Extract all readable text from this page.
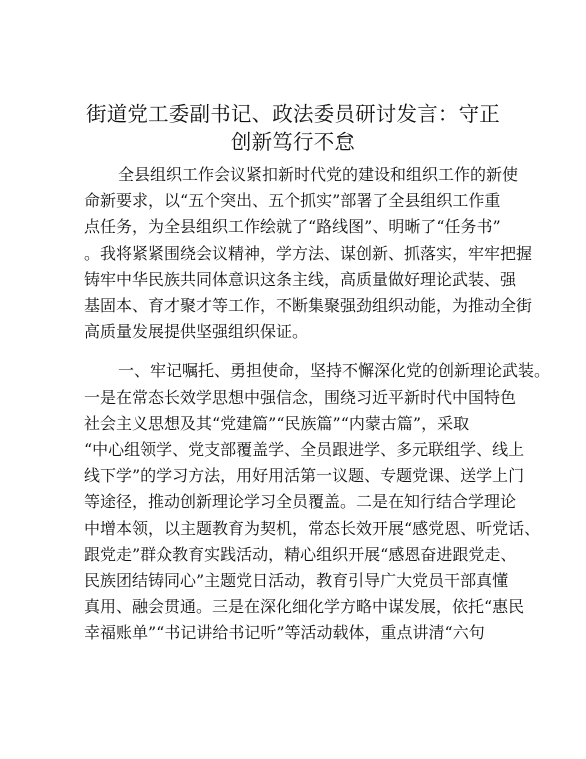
街道党工委副书记、政法委员研讨发言：守正
创新笃行不怠

全县组织工作会议紧扣新时代党的建设和组织工作的新使
命新要求，以“五个突出、五个抓实”部署了全县组织工作重
点任务，为全县组织工作绘就了“路线图”、明晰了“任务书”
。我将紧紧围绕会议精神，学方法、谋创新、抓落实，牢牢把握
铸牢中华民族共同体意识这条主线，高质量做好理论武装、强
基固本、育才聚才等工作，不断集聚强劲组织动能，为推动全街
高质量发展提供坚强组织保证。

一、牢记嘱托、勇担使命，坚持不懈深化党的创新理论武装。
一是在常态长效学思想中强信念，围绕习近平新时代中国特色
社会主义思想及其“党建篇”“民族篇”“内蒙古篇”，采取
“中心组领学、党支部覆盖学、全员跟进学、多元联组学、线上
线下学”的学习方法，用好用活第一议题、专题党课、送学上门
等途径，推动创新理论学习全员覆盖。二是在知行结合学理论
中增本领，以主题教育为契机，常态长效开展“感党恩、听党话、
跟党走”群众教育实践活动，精心组织开展“感恩奋进跟党走、
民族团结铸同心”主题党日活动，教育引导广大党员干部真懂
真用、融会贯通。三是在深化细化学方略中谋发展，依托“惠民
幸福账单”“书记讲给书记听”等活动载体，重点讲清“六句
